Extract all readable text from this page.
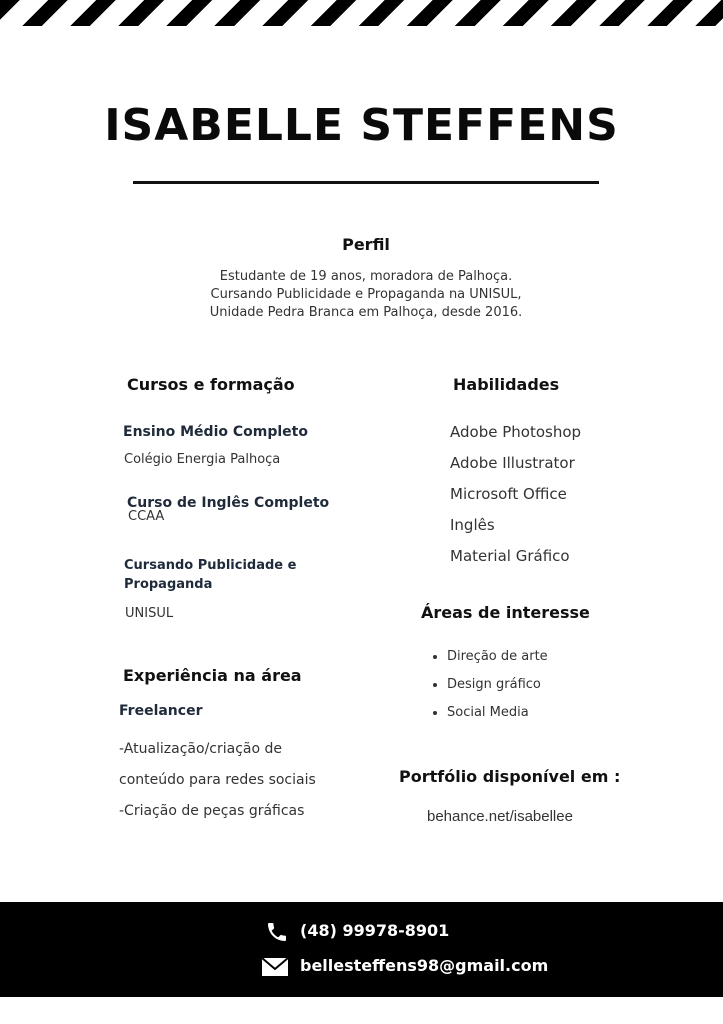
ISABELLE STEFFENS
Perfil
Estudante de 19 anos, moradora de Palhoça.
Cursando Publicidade e Propaganda na UNISUL,
Unidade Pedra Branca em Palhoça, desde 2016.
Cursos e formação
Ensino Médio Completo
Colégio Energia Palhoça
Curso de Inglês Completo
CCAA
Cursando Publicidade e
Propaganda
UNISUL
Experiência na área
Freelancer
-Atualização/criação de
conteúdo para redes sociais
-Criação de peças gráficas
Habilidades
Adobe Photoshop
Adobe Illustrator
Microsoft Office
Inglês
Material Gráfico
Áreas de interesse
• Direção de arte
• Design gráfico
• Social Media
Portfólio disponível em :
behance.net/isabellee
(48) 99978-8901
bellesteffens98@gmail.com
